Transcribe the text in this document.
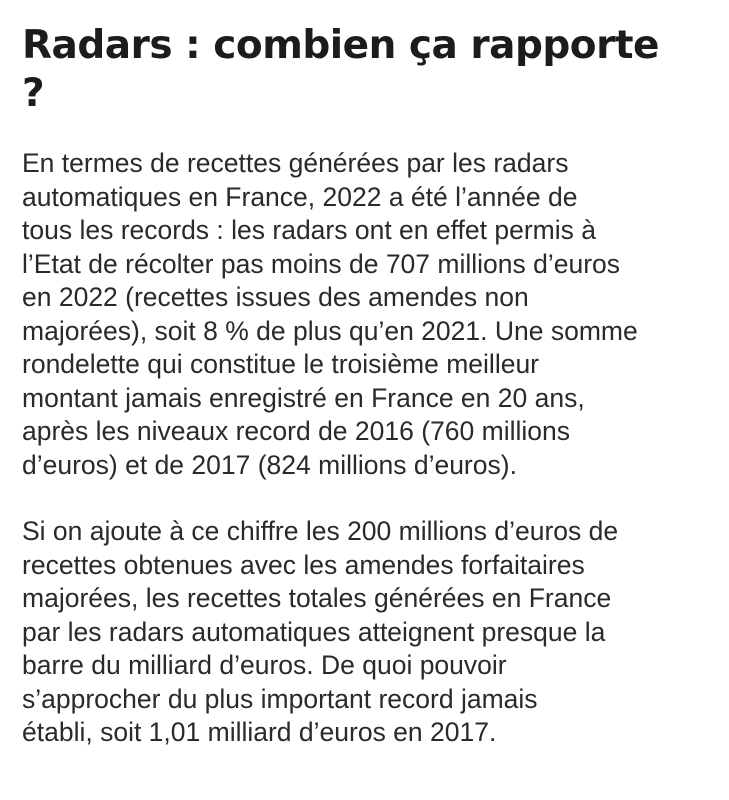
Radars : combien ça rapporte
?

En termes de recettes générées par les radars
automatiques en France, 2022 a été l’année de
tous les records : les radars ont en effet permis à
l’Etat de récolter pas moins de 707 millions d’euros
en 2022 (recettes issues des amendes non
majorées), soit 8 % de plus qu’en 2021. Une somme
rondelette qui constitue le troisième meilleur
montant jamais enregistré en France en 20 ans,
après les niveaux record de 2016 (760 millions
d’euros) et de 2017 (824 millions d’euros).

Si on ajoute à ce chiffre les 200 millions d’euros de
recettes obtenues avec les amendes forfaitaires
majorées, les recettes totales générées en France
par les radars automatiques atteignent presque la
barre du milliard d’euros. De quoi pouvoir
s’approcher du plus important record jamais
établi, soit 1,01 milliard d’euros en 2017.
